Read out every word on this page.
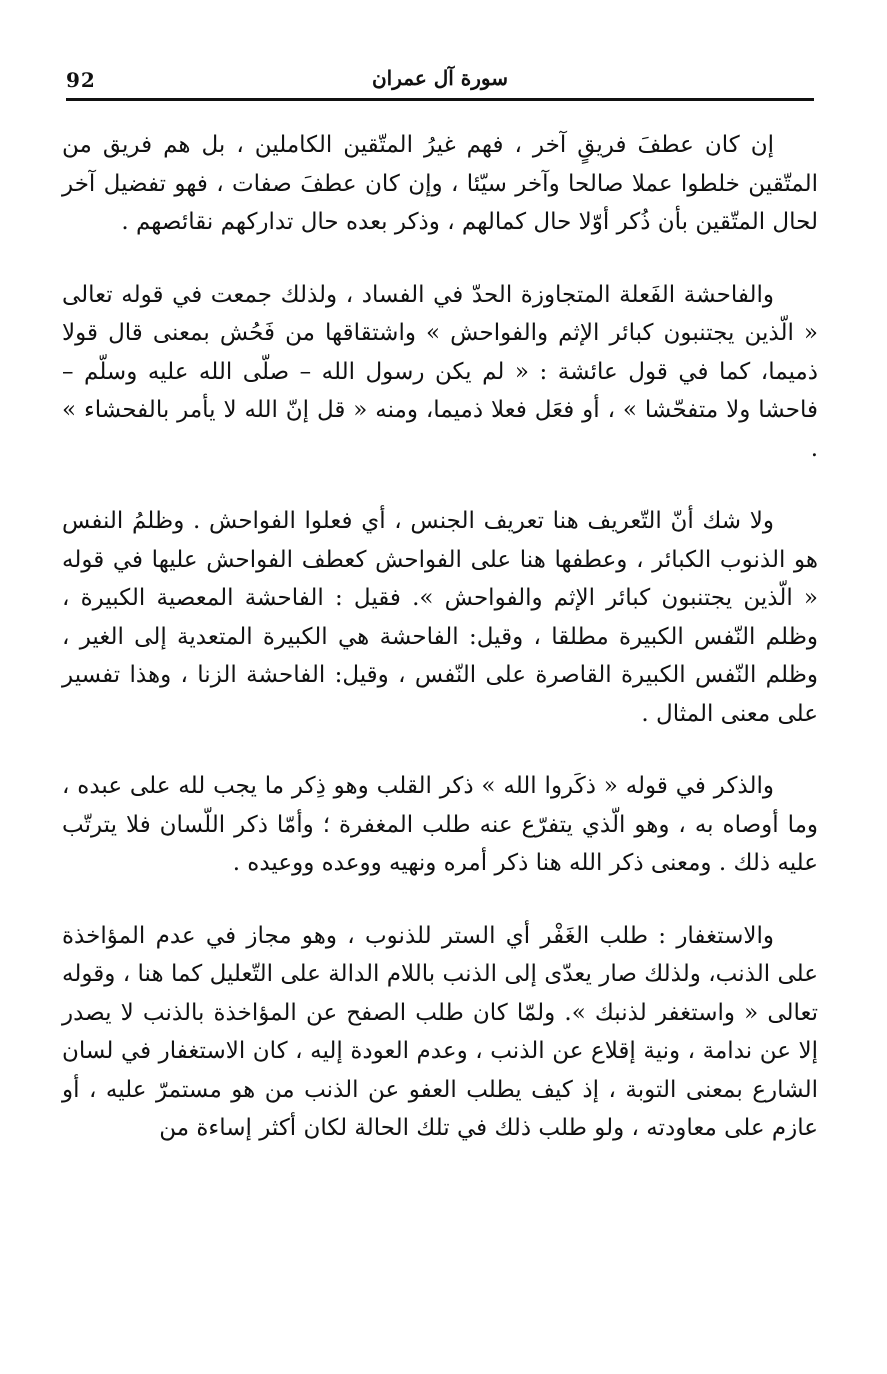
92	سورة آل عمران

إن كان عطفَ فريقٍ آخر ، فهم غيرُ المتّقين الكاملين ، بل هم فريق من المتّقين خلطوا عملا صالحا وآخر سيّئا ، وإن كان عطفَ صفات ، فهو تفضيل آخر لحال المتّقين بأن ذُكر أوّلا حال كمالهم ، وذكر بعده حال تداركهم نقائصهم .

والفاحشة الفَعلة المتجاوزة الحدّ في الفساد ، ولذلك جمعت في قوله تعالى « الّذين يجتنبون كبائر الإثم والفواحش » واشتقاقها من فَحُش بمعنى قال قولا ذميما، كما في قول عائشة : « لم يكن رسول الله – صلّى الله عليه وسلّم – فاحشا ولا متفحّشا » ، أو فعَل فعلا ذميما، ومنه « قل إنّ الله لا يأمر بالفحشاء » .

ولا شك أنّ التّعريف هنا تعريف الجنس ، أي فعلوا الفواحش . وظلمُ النفس هو الذنوب الكبائر ، وعطفها هنا على الفواحش كعطف الفواحش عليها في قوله « الّذين يجتنبون كبائر الإثم والفواحش ». فقيل : الفاحشة المعصية الكبيرة ، وظلم النّفس الكبيرة مطلقا ، وقيل: الفاحشة هي الكبيرة المتعدية إلى الغير ، وظلم النّفس الكبيرة القاصرة على النّفس ، وقيل: الفاحشة الزنا ، وهذا تفسير على معنى المثال .

والذكر في قوله « ذكَروا الله » ذكر القلب وهو ذِكر ما يجب لله على عبده ، وما أوصاه به ، وهو الّذي يتفرّع عنه طلب المغفرة ؛ وأمّا ذكر اللّسان فلا يترتّب عليه ذلك . ومعنى ذكر الله هنا ذكر أمره ونهيه ووعده ووعيده .

والاستغفار : طلب الغَفْر أي الستر للذنوب ، وهو مجاز في عدم المؤاخذة على الذنب، ولذلك صار يعدّى إلى الذنب باللام الدالة على التّعليل كما هنا ، وقوله تعالى « واستغفر لذنبك ». ولمّا كان طلب الصفح عن المؤاخذة بالذنب لا يصدر إلا عن ندامة ، ونية إقلاع عن الذنب ، وعدم العودة إليه ، كان الاستغفار في لسان الشارع بمعنى التوبة ، إذ كيف يطلب العفو عن الذنب من هو مستمرّ عليه ، أو عازم على معاودته ، ولو طلب ذلك في تلك الحالة لكان أكثر إساءة من
